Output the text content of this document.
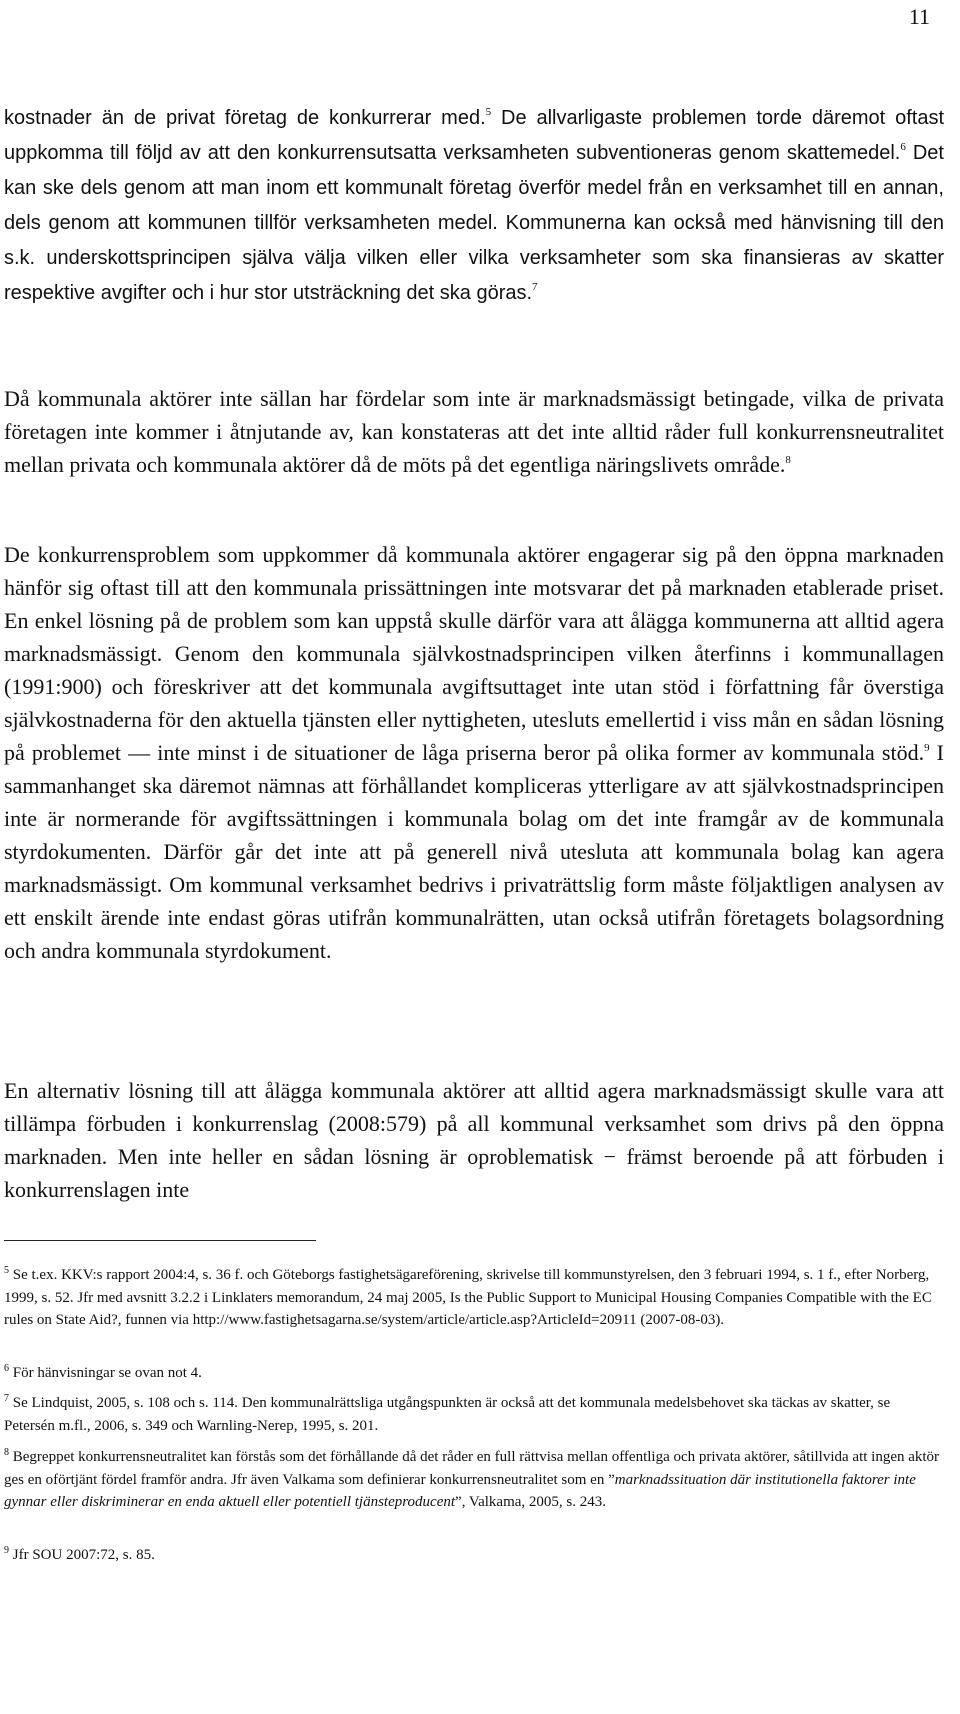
11

kostnader än de privat företag de konkurrerar med.$^5$ De allvarligaste problemen torde däremot oftast uppkomma till följd av att den konkurrensutsatta verksamheten subventioneras genom skattemedel.$^6$ Det kan ske dels genom att man inom ett kommunalt företag överför medel från en verksamhet till en annan, dels genom att kommunen tillför verksamheten medel. Kommunerna kan också med hänvisning till den s.k. underskottsprincipen själva välja vilken eller vilka verksamheter som ska finansieras av skatter respektive avgifter och i hur stor utsträckning det ska göras.$^7$

Då kommunala aktörer inte sällan har fördelar som inte är marknadsmässigt betingade, vilka de privata företagen inte kommer i åtnjutande av, kan konstateras att det inte alltid råder full konkurrensneutralitet mellan privata och kommunala aktörer då de möts på det egentliga näringslivets område.$^8$

De konkurrensproblem som uppkommer då kommunala aktörer engagerar sig på den öppna marknaden hänför sig oftast till att den kommunala prissättningen inte motsvarar det på marknaden etablerade priset. En enkel lösning på de problem som kan uppstå skulle därför vara att ålägga kommunerna att alltid agera marknadsmässigt. Genom den kommunala självkostnadsprincipen vilken återfinns i kommunallagen (1991:900) och föreskriver att det kommunala avgiftsuttaget inte utan stöd i författning får överstiga självkostnaderna för den aktuella tjänsten eller nyttigheten, utesluts emellertid i viss mån en sådan lösning på problemet — inte minst i de situationer de låga priserna beror på olika former av kommunala stöd.$^9$ I sammanhanget ska däremot nämnas att förhållandet kompliceras ytterligare av att självkostnadsprincipen inte är normerande för avgiftssättningen i kommunala bolag om det inte framgår av de kommunala styrdokumenten. Därför går det inte att på generell nivå utesluta att kommunala bolag kan agera marknadsmässigt. Om kommunal verksamhet bedrivs i privaträttslig form måste följaktligen analysen av ett enskilt ärende inte endast göras utifrån kommunalrätten, utan också utifrån företagets bolagsordning och andra kommunala styrdokument.

En alternativ lösning till att ålägga kommunala aktörer att alltid agera marknadsmässigt skulle vara att tillämpa förbuden i konkurrenslag (2008:579) på all kommunal verksamhet som drivs på den öppna marknaden. Men inte heller en sådan lösning är oproblematisk − främst beroende på att förbuden i konkurrenslagen inte

$^5$ Se t.ex. KKV:s rapport 2004:4, s. 36 f. och Göteborgs fastighetsägareförening, skrivelse till kommunstyrelsen, den 3 februari 1994, s. 1 f., efter Norberg, 1999, s. 52. Jfr med avsnitt 3.2.2 i Linklaters memorandum, 24 maj 2005, Is the Public Support to Municipal Housing Companies Compatible with the EC rules on State Aid?, funnen via http://www.fastighetsagarna.se/system/article/article.asp?ArticleId=20911 (2007-08-03).

$^6$ För hänvisningar se ovan not 4.

$^7$ Se Lindquist, 2005, s. 108 och s. 114. Den kommunalrättsliga utgångspunkten är också att det kommunala medelsbehovet ska täckas av skatter, se Petersén m.fl., 2006, s. 349 och Warnling-Nerep, 1995, s. 201.

$^8$ Begreppet konkurrensneutralitet kan förstås som det förhållande då det råder en full rättvisa mellan offentliga och privata aktörer, såtillvida att ingen aktör ges en oförtjänt fördel framför andra. Jfr även Valkama som definierar konkurrensneutralitet som en ”marknadssituation där institutionella faktorer inte gynnar eller diskriminerar en enda aktuell eller potentiell tjänsteproducent”, Valkama, 2005, s. 243.

$^9$ Jfr SOU 2007:72, s. 85.
